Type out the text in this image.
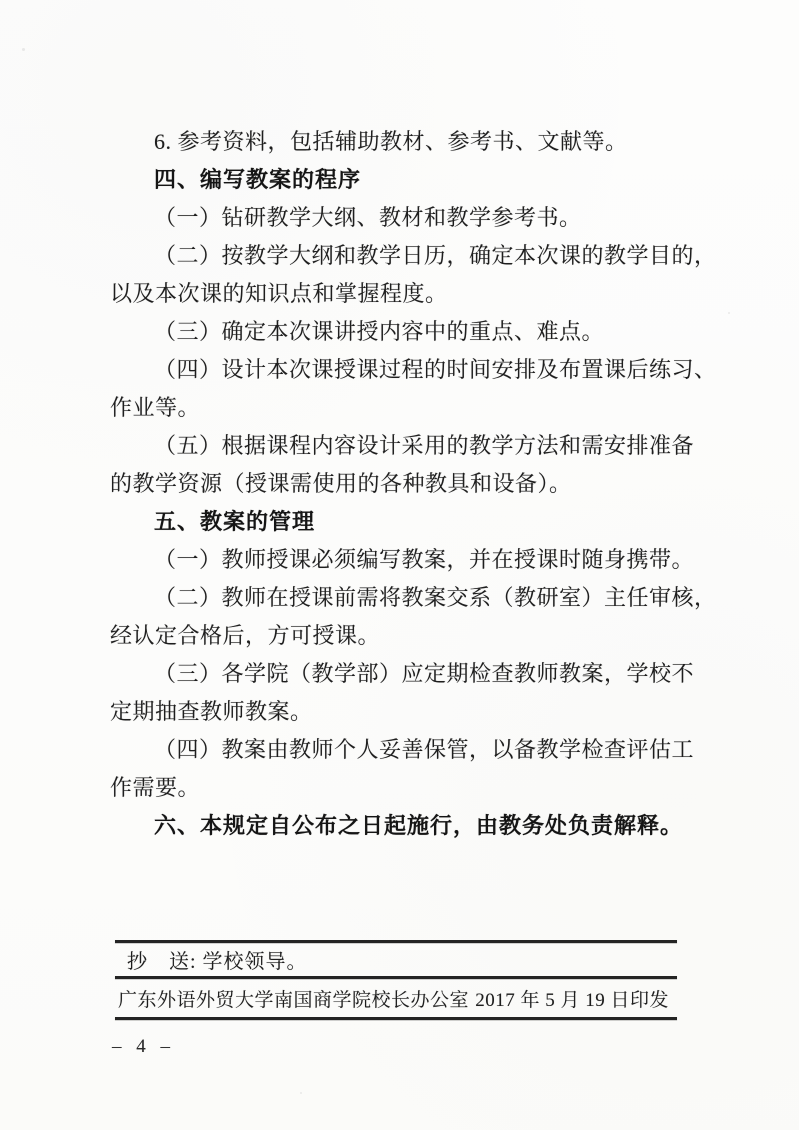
6. 参考资料，包括辅助教材、参考书、文献等。
四、编写教案的程序
（一）钻研教学大纲、教材和教学参考书。
（二）按教学大纲和教学日历，确定本次课的教学目的，
以及本次课的知识点和掌握程度。
（三）确定本次课讲授内容中的重点、难点。
（四）设计本次课授课过程的时间安排及布置课后练习、
作业等。
（五）根据课程内容设计采用的教学方法和需安排准备
的教学资源（授课需使用的各种教具和设备）。
五、教案的管理
（一）教师授课必须编写教案，并在授课时随身携带。
（二）教师在授课前需将教案交系（教研室）主任审核，
经认定合格后，方可授课。
（三）各学院（教学部）应定期检查教师教案，学校不
定期抽查教师教案。
（四）教案由教师个人妥善保管，以备教学检查评估工
作需要。
六、本规定自公布之日起施行，由教务处负责解释。
抄　送: 学校领导。
广东外语外贸大学南国商学院校长办公室 2017 年 5 月 19 日印发
– 4 –
